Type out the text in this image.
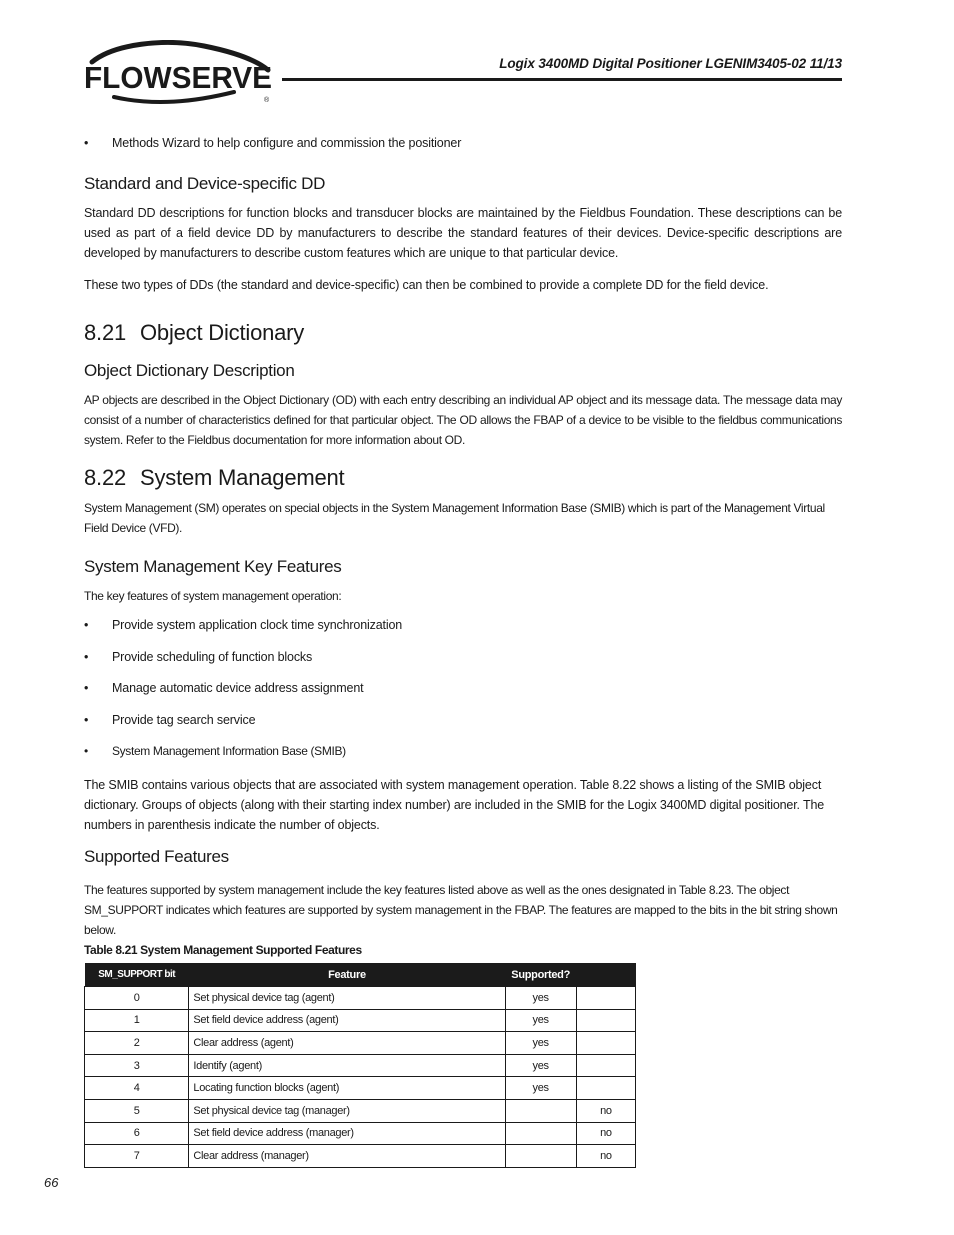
FLOWSERVE
®
Logix 3400MD Digital Positioner LGENIM3405-02 11/13
• Methods Wizard to help configure and commission the positioner
Standard and Device-specific DD
Standard DD descriptions for function blocks and transducer blocks are maintained by the Fieldbus Foundation. These descriptions can be used as part of a field device DD by manufacturers to describe the standard features of their devices. Device-specific descriptions are developed by manufacturers to describe custom features which are unique to that particular device.
These two types of DDs (the standard and device-specific) can then be combined to provide a complete DD for the field device.
8.21 Object Dictionary
Object Dictionary Description
AP objects are described in the Object Dictionary (OD) with each entry describing an individual AP object and its message data. The message data may consist of a number of characteristics defined for that particular object. The OD allows the FBAP of a device to be visible to the fieldbus communications system. Refer to the Fieldbus documentation for more information about OD.
8.22 System Management
System Management (SM) operates on special objects in the System Management Information Base (SMIB) which is part of the Management Virtual Field Device (VFD).
System Management Key Features
The key features of system management operation:
• Provide system application clock time synchronization
• Provide scheduling of function blocks
• Manage automatic device address assignment
• Provide tag search service
• System Management Information Base (SMIB)
The SMIB contains various objects that are associated with system management operation. Table 8.22 shows a listing of the SMIB object dictionary. Groups of objects (along with their starting index number) are included in the SMIB for the Logix 3400MD digital positioner. The numbers in parenthesis indicate the number of objects.
Supported Features
The features supported by system management include the key features listed above as well as the ones designated in Table 8.23. The object SM_SUPPORT indicates which features are supported by system management in the FBAP. The features are mapped to the bits in the bit string shown below.
Table 8.21 System Management Supported Features
SM_SUPPORT bit	Feature	Supported?	
0	Set physical device tag (agent)	yes	
1	Set field device address (agent)	yes	
2	Clear address (agent)	yes	
3	Identify (agent)	yes	
4	Locating function blocks (agent)	yes	
5	Set physical device tag (manager)		no
6	Set field device address (manager)		no
7	Clear address (manager)		no
66
